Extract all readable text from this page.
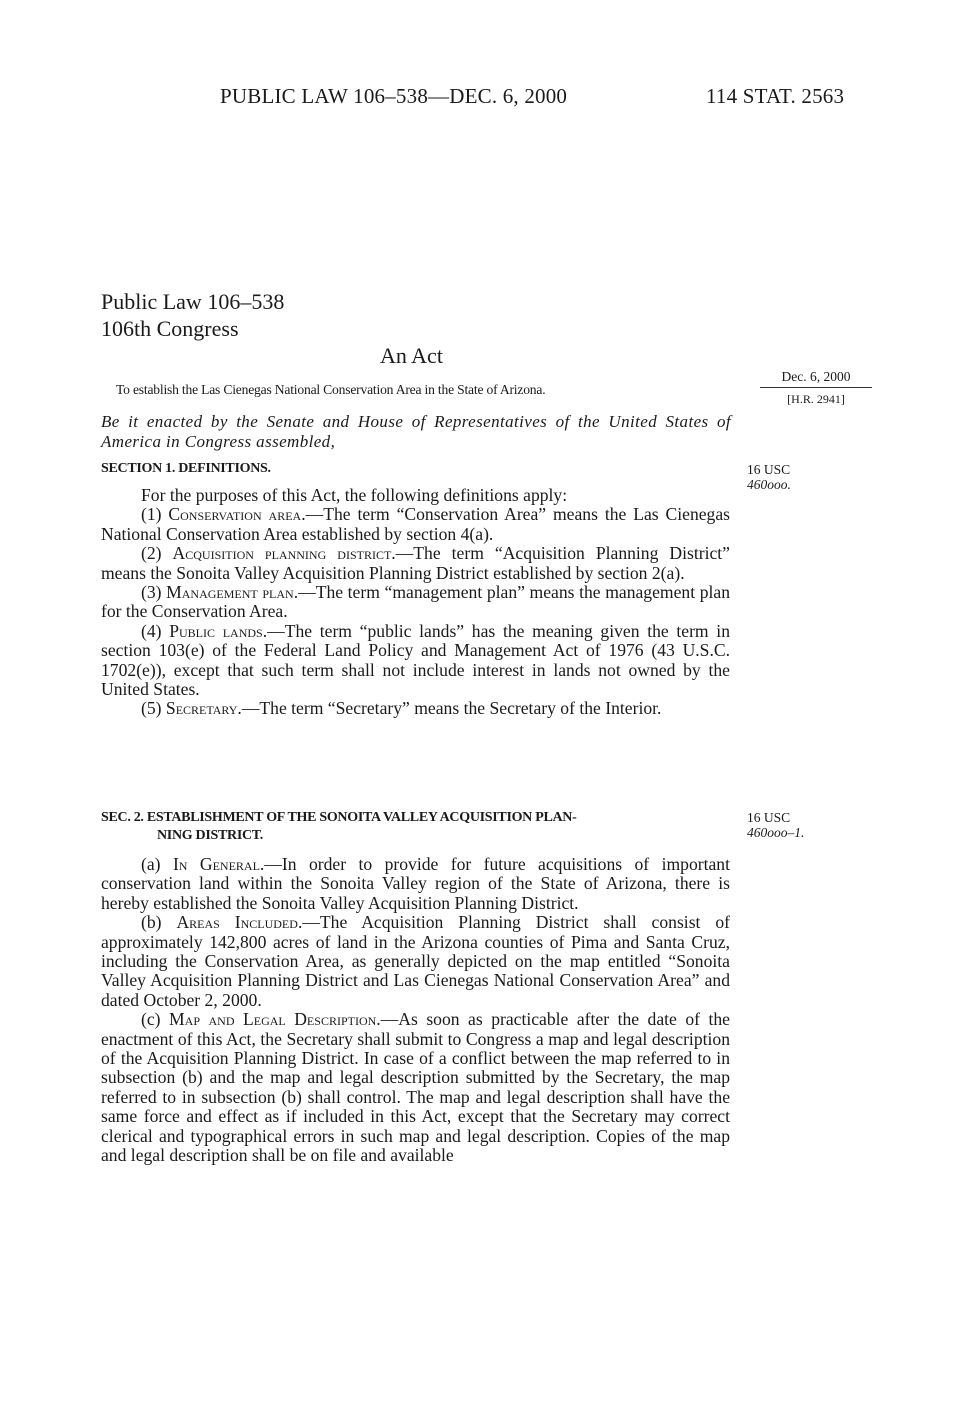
PUBLIC LAW 106–538—DEC. 6, 2000	114 STAT. 2563
Public Law 106–538
106th Congress
An Act
To establish the Las Cienegas National Conservation Area in the State of Arizona.
Dec. 6, 2000
[H.R. 2941]
Be it enacted by the Senate and House of Representatives of the United States of America in Congress assembled,
SECTION 1. DEFINITIONS.	16 USC
460ooo.

For the purposes of this Act, the following definitions apply:

(1) Conservation area.—The term “Conservation Area” means the Las Cienegas National Conservation Area established by section 4(a).

(2) Acquisition planning district.—The term “Acquisition Planning District” means the Sonoita Valley Acquisition Planning District established by section 2(a).

(3) Management plan.—The term “management plan” means the management plan for the Conservation Area.

(4) Public lands.—The term “public lands” has the meaning given the term in section 103(e) of the Federal Land Policy and Management Act of 1976 (43 U.S.C. 1702(e)), except that such term shall not include interest in lands not owned by the United States.

(5) Secretary.—The term “Secretary” means the Secretary of the Interior.

SEC. 2. ESTABLISHMENT OF THE SONOITA VALLEY ACQUISITION PLAN-
NING DISTRICT.
16 USC
460ooo–1.

(a) In General.—In order to provide for future acquisitions of important conservation land within the Sonoita Valley region of the State of Arizona, there is hereby established the Sonoita Valley Acquisition Planning District.

(b) Areas Included.—The Acquisition Planning District shall consist of approximately 142,800 acres of land in the Arizona counties of Pima and Santa Cruz, including the Conservation Area, as generally depicted on the map entitled “Sonoita Valley Acquisition Planning District and Las Cienegas National Conservation Area” and dated October 2, 2000.

(c) Map and Legal Description.—As soon as practicable after the date of the enactment of this Act, the Secretary shall submit to Congress a map and legal description of the Acquisition Planning District. In case of a conflict between the map referred to in subsection (b) and the map and legal description submitted by the Secretary, the map referred to in subsection (b) shall control. The map and legal description shall have the same force and effect as if included in this Act, except that the Secretary may correct clerical and typographical errors in such map and legal description. Copies of the map and legal description shall be on file and available
